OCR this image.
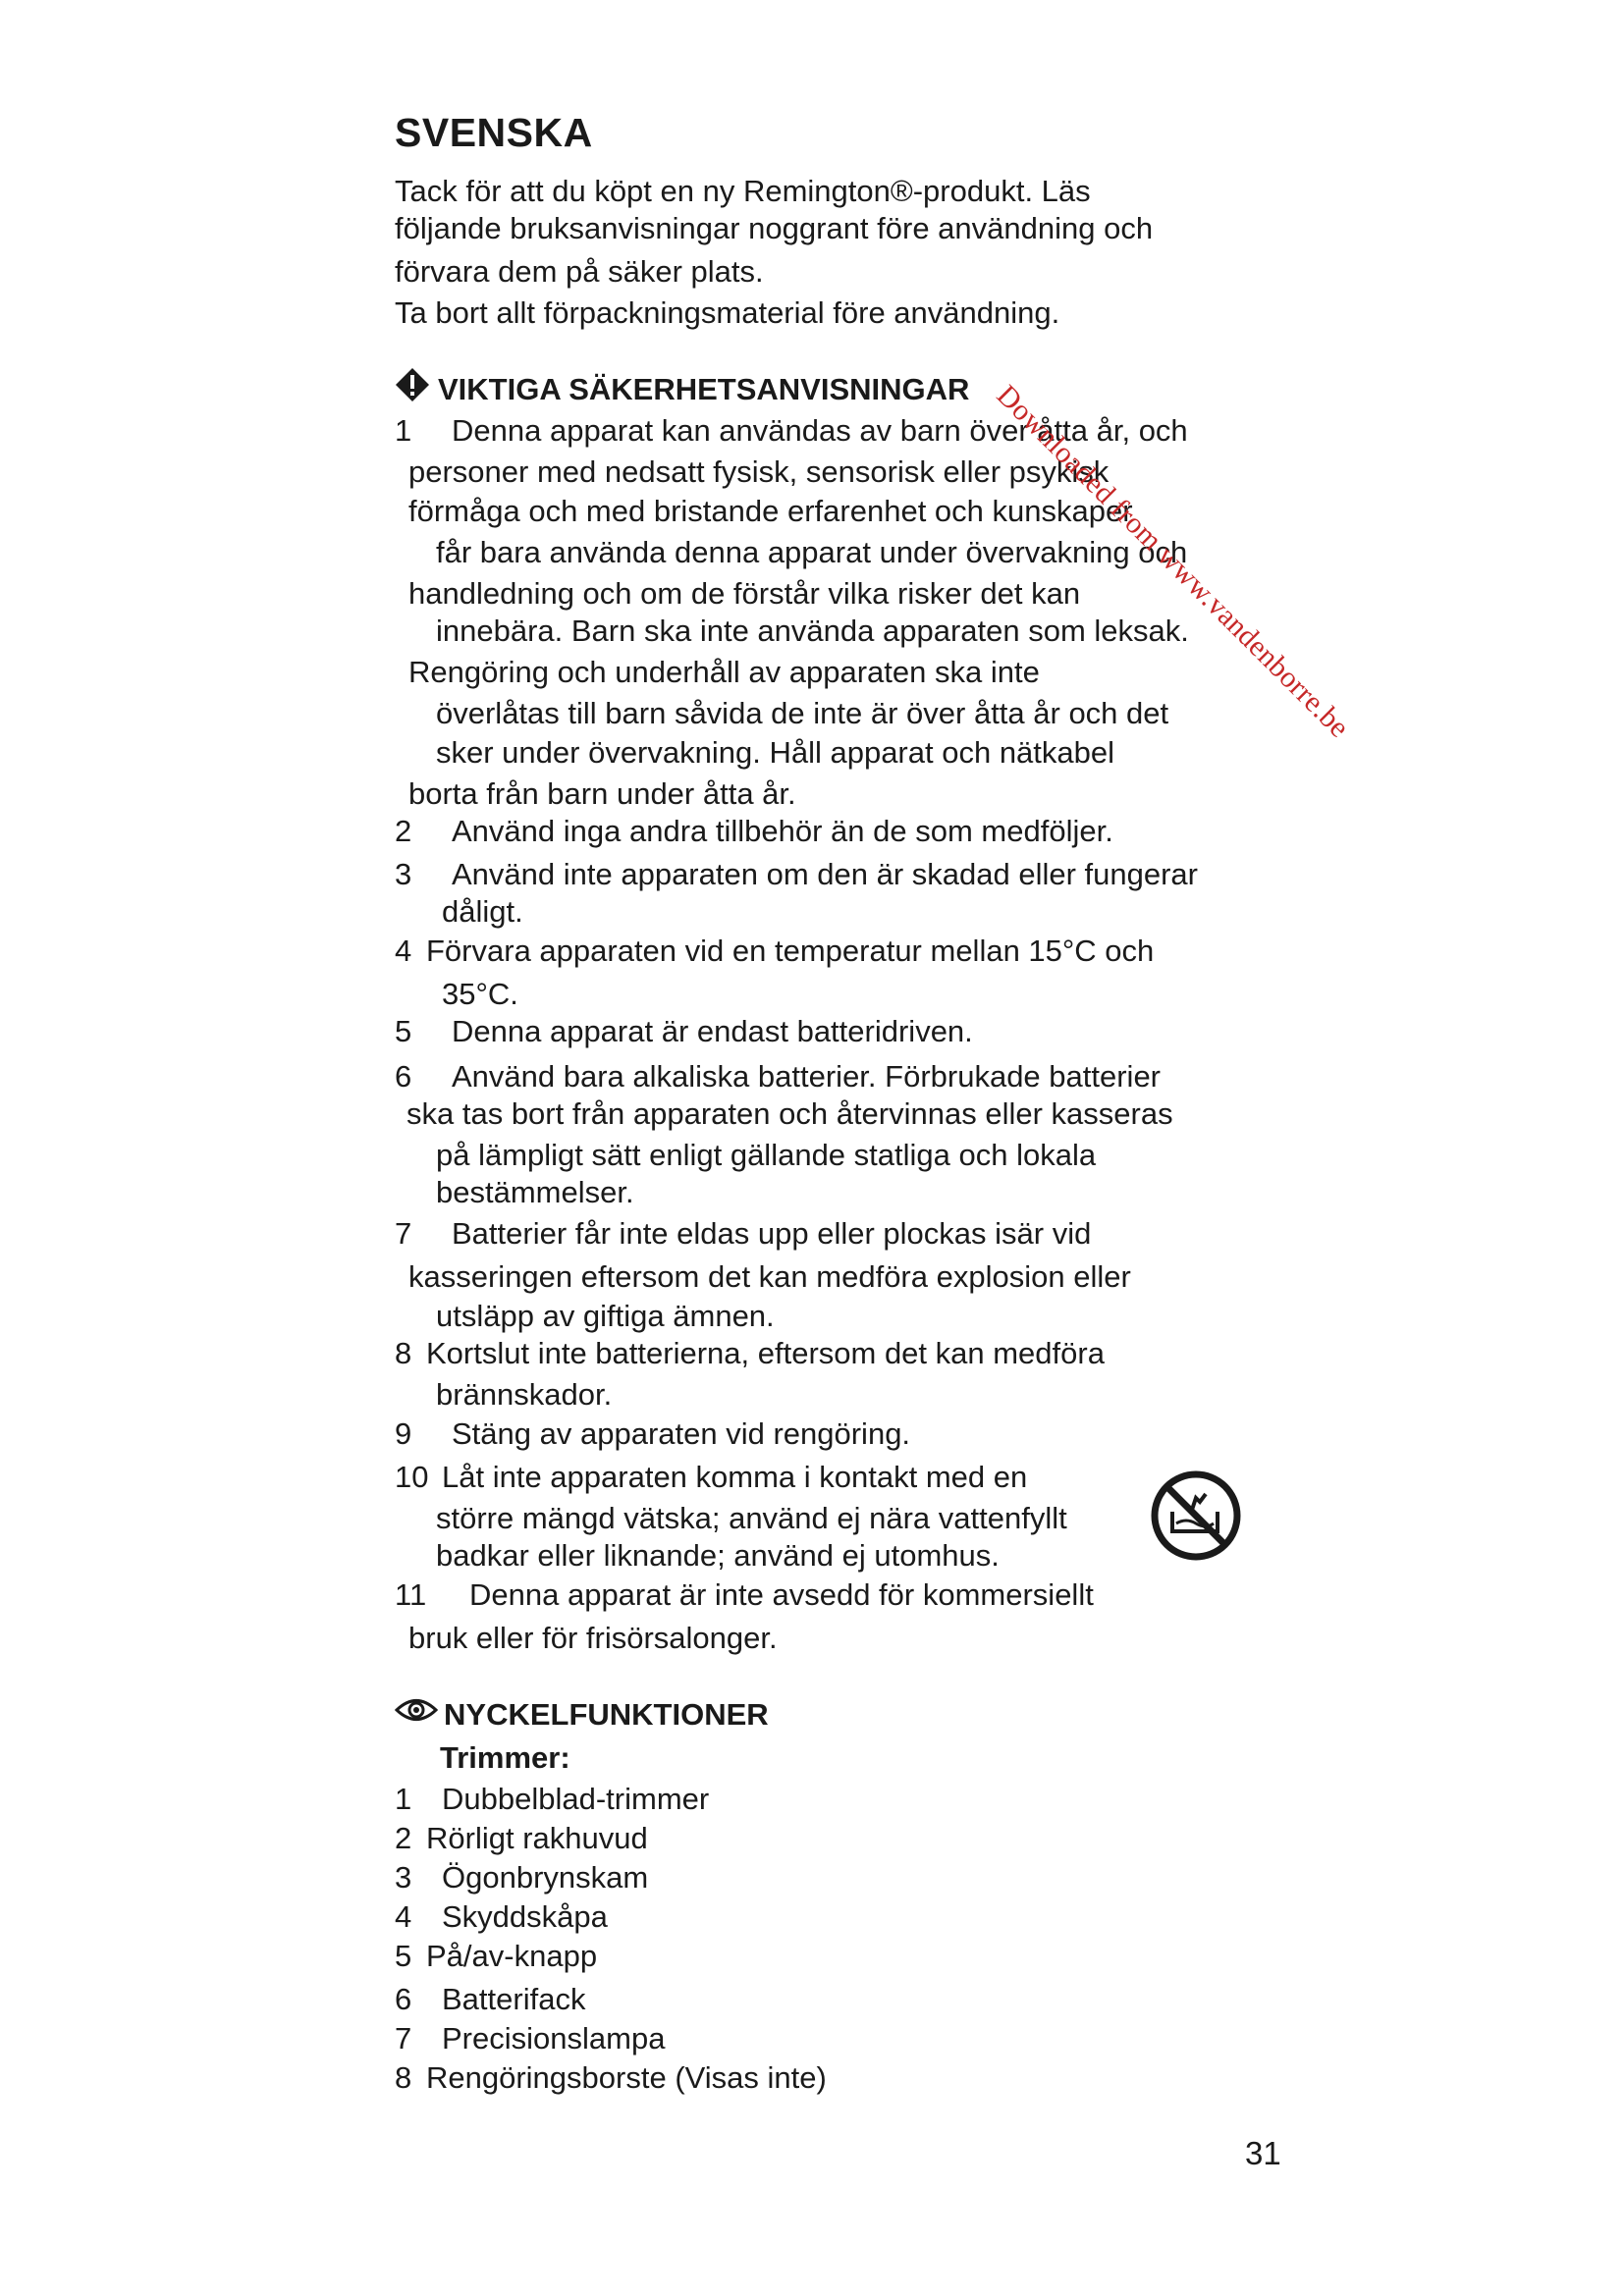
SVENSKA
Tack för att du köpt en ny Remington®-produkt. Läs
följande bruksanvisningar noggrant före användning och
förvara dem på säker plats.
Ta bort allt förpackningsmaterial före användning.
VIKTIGA SÄKERHETSANVISNINGAR
1 Denna apparat kan användas av barn över åtta år, och
personer med nedsatt fysisk, sensorisk eller psykisk
förmåga och med bristande erfarenhet och kunskaper
får bara använda denna apparat under övervakning och
handledning och om de förstår vilka risker det kan
innebära. Barn ska inte använda apparaten som leksak.
Rengöring och underhåll av apparaten ska inte
överlåtas till barn såvida de inte är över åtta år och det
sker under övervakning. Håll apparat och nätkabel
borta från barn under åtta år.
2 Använd inga andra tillbehör än de som medföljer.
3 Använd inte apparaten om den är skadad eller fungerar
dåligt.
4 Förvara apparaten vid en temperatur mellan 15°C och
35°C.
5 Denna apparat är endast batteridriven.
6 Använd bara alkaliska batterier. Förbrukade batterier
ska tas bort från apparaten och återvinnas eller kasseras
på lämpligt sätt enligt gällande statliga och lokala
bestämmelser.
7 Batterier får inte eldas upp eller plockas isär vid
kasseringen eftersom det kan medföra explosion eller
utsläpp av giftiga ämnen.
8 Kortslut inte batterierna, eftersom det kan medföra
brännskador.
9 Stäng av apparaten vid rengöring.
10 Låt inte apparaten komma i kontakt med en
större mängd vätska; använd ej nära vattenfyllt
badkar eller liknande; använd ej utomhus.
11 Denna apparat är inte avsedd för kommersiellt
bruk eller för frisörsalonger.
NYCKELFUNKTIONER
Trimmer:
1 Dubbelblad-trimmer
2 Rörligt rakhuvud
3 Ögonbrynskam
4 Skyddskåpa
5 På/av-knapp
6 Batterifack
7 Precisionslampa
8 Rengöringsborste (Visas inte)
Downloaded from www.vandenborre.be
31
